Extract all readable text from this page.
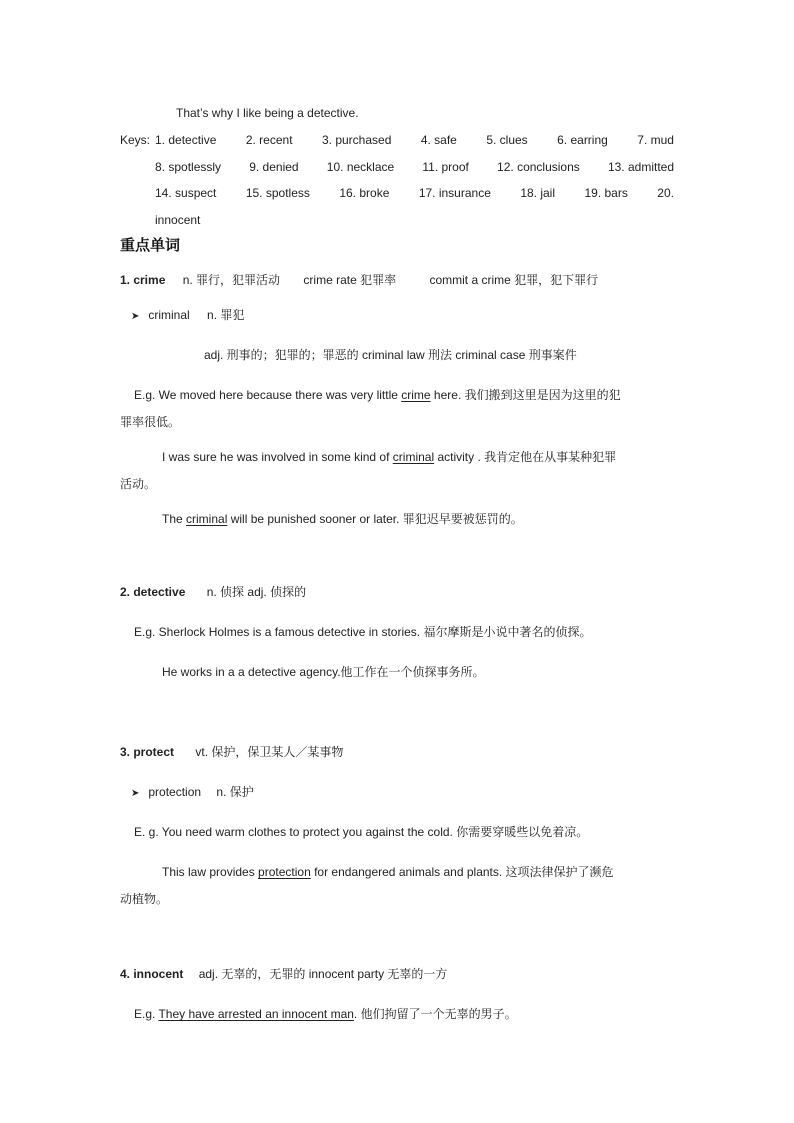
That’s why I like being a detective.
Keys: 1. detective 2. recent 3. purchased 4. safe 5. clues 6. earring 7. mud
8. spotlessly 9. denied 10. necklace 11. proof 12. conclusions 13. admitted
14. suspect 15. spotless 16. broke 17. insurance 18. jail 19. bars 20.
innocent
重点单词
1. crime n. 罪行，犯罪活动 crime rate 犯罪率	commit a crime 犯罪，犯下罪行
➤ criminal n. 罪犯
adj. 刑事的；犯罪的；罪恶的 criminal law 刑法 criminal case 刑事案件
E.g. We moved here because there was very little crime here. 我们搬到这里是因为这里的犯
罪率很低。
I was sure he was involved in some kind of criminal activity . 我肯定他在从事某种犯罪
活动。
The criminal will be punished sooner or later. 罪犯迟早要被惩罚的。
2. detective n. 侦探 adj. 侦探的
E.g. Sherlock Holmes is a famous detective in stories. 福尔摩斯是小说中著名的侦探。
He works in a a detective agency.他工作在一个侦探事务所。
3. protect vt. 保护，保卫某人／某事物
➤ protection n. 保护
E. g. You need warm clothes to protect you against the cold. 你需要穿暖些以免着凉。
This law provides protection for endangered animals and plants. 这项法律保护了濒危
动植物。
4. innocent adj. 无辜的，无罪的 innocent party 无辜的一方
E.g. They have arrested an innocent man. 他们拘留了一个无辜的男子。
